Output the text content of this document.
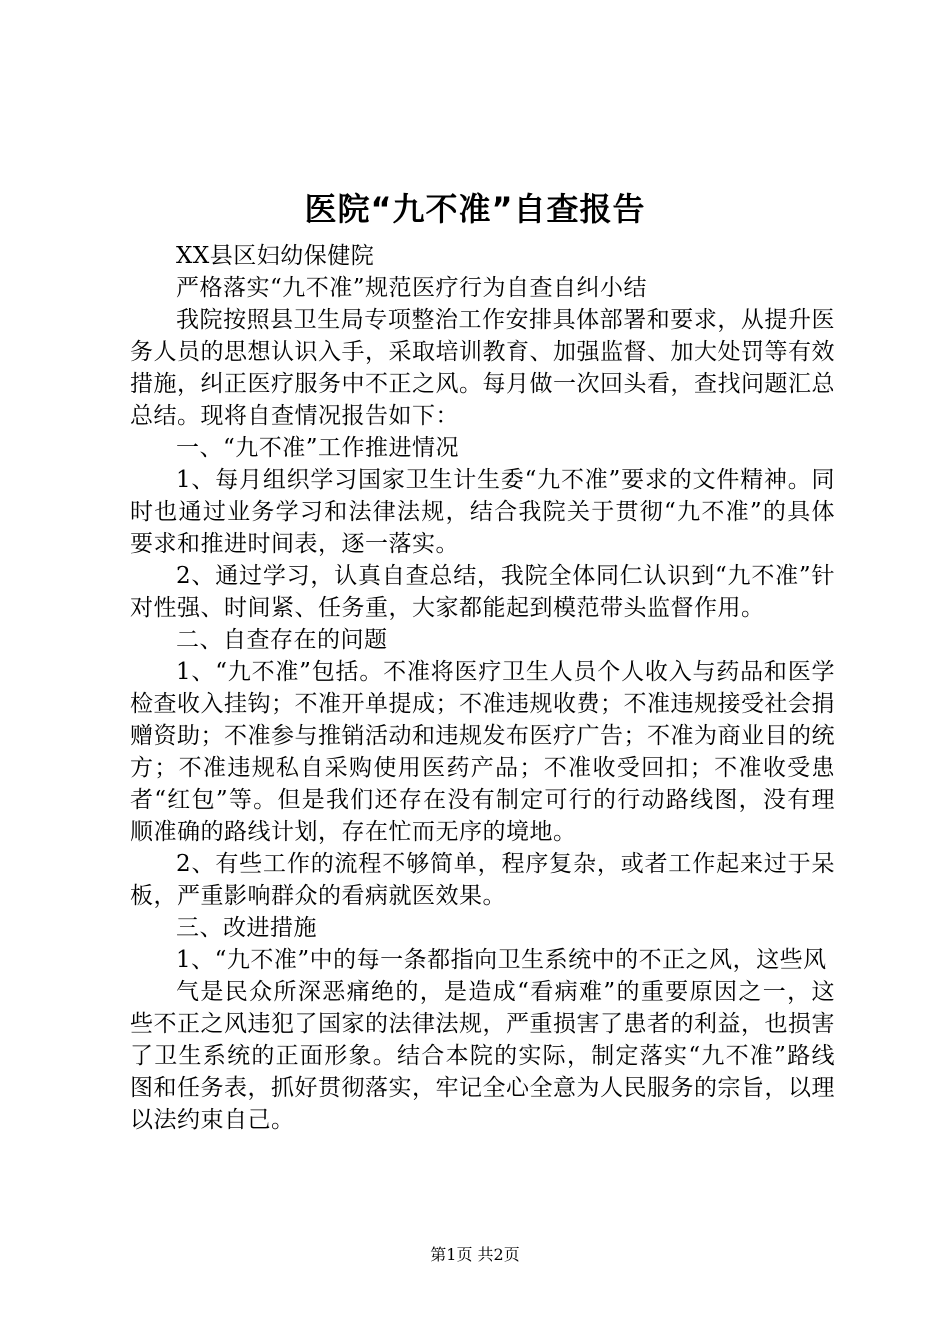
医院“九不准”自查报告

XX县区妇幼保健院

严格落实“九不准”规范医疗行为自查自纠小结

我院按照县卫生局专项整治工作安排具体部署和要求，从提升医务人员的思想认识入手，采取培训教育、加强监督、加大处罚等有效措施，纠正医疗服务中不正之风。每月做一次回头看，查找问题汇总总结。现将自查情况报告如下：

一、“九不准”工作推进情况

1、每月组织学习国家卫生计生委“九不准”要求的文件精神。同时也通过业务学习和法律法规，结合我院关于贯彻“九不准”的具体要求和推进时间表，逐一落实。

2、通过学习，认真自查总结，我院全体同仁认识到“九不准”针对性强、时间紧、任务重，大家都能起到模范带头监督作用。

二、自查存在的问题

1、“九不准”包括。不准将医疗卫生人员个人收入与药品和医学检查收入挂钩；不准开单提成；不准违规收费；不准违规接受社会捐赠资助；不准参与推销活动和违规发布医疗广告；不准为商业目的统方；不准违规私自采购使用医药产品；不准收受回扣；不准收受患者“红包”等。但是我们还存在没有制定可行的行动路线图，没有理顺准确的路线计划，存在忙而无序的境地。

2、有些工作的流程不够简单，程序复杂，或者工作起来过于呆板，严重影响群众的看病就医效果。

三、改进措施

1、“九不准”中的每一条都指向卫生系统中的不正之风，这些风

气是民众所深恶痛绝的，是造成“看病难”的重要原因之一，这些不正之风违犯了国家的法律法规，严重损害了患者的利益，也损害了卫生系统的正面形象。结合本院的实际，制定落实“九不准”路线图和任务表，抓好贯彻落实，牢记全心全意为人民服务的宗旨，以理以法约束自己。

第1页 共2页
